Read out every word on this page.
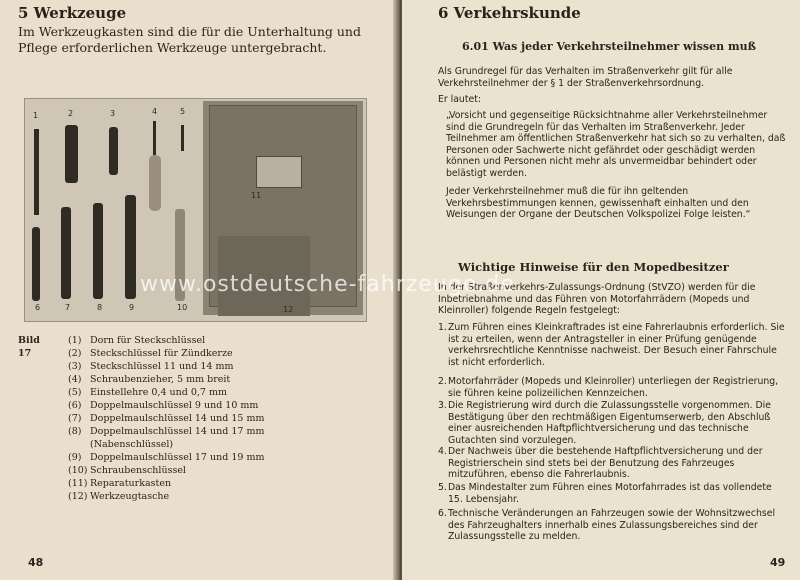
5 Werkzeuge
Im Werkzeugkasten sind die für die Unterhaltung und Pflege erforderlichen Werkzeuge untergebracht.
1	2	3	4	5
6	7	8	9	10
11
12
Bild 17
(1) Dorn für Steckschlüssel
(2) Steckschlüssel für Zündkerze
(3) Steckschlüssel 11 und 14 mm
(4) Schraubenzieher, 5 mm breit
(5) Einstellehre 0,4 und 0,7 mm
(6) Doppelmaulschlüssel 9 und 10 mm
(7) Doppelmaulschlüssel 14 und 15 mm
(8) Doppelmaulschlüssel 14 und 17 mm
(Nabenschlüssel)
(9) Doppelmaulschlüssel 17 und 19 mm
(10) Schraubenschlüssel
(11) Reparaturkasten
(12) Werkzeugtasche
48
6 Verkehrskunde
6.01 Was jeder Verkehrsteilnehmer wissen muß
Als Grundregel für das Verhalten im Straßenverkehr gilt für alle Verkehrsteilnehmer der § 1 der Straßenverkehrsordnung.
Er lautet:
„Vorsicht und gegenseitige Rücksichtnahme aller Verkehrsteilnehmer sind die Grundregeln für das Verhalten im Straßenverkehr. Jeder Teilnehmer am öffentlichen Straßenverkehr hat sich so zu verhalten, daß Personen oder Sachwerte nicht gefährdet oder geschädigt werden können und Personen nicht mehr als unvermeidbar behindert oder belästigt werden.
Jeder Verkehrsteilnehmer muß die für ihn geltenden Verkehrsbestimmungen kennen, gewissenhaft einhalten und den Weisungen der Organe der Deutschen Volkspolizei Folge leisten.“
Wichtige Hinweise für den Mopedbesitzer
In der Straßenverkehrs-Zulassungs-Ordnung (StVZO) werden für die Inbetriebnahme und das Führen von Motorfahrrädern (Mopeds und Kleinroller) folgende Regeln festgelegt:
1. Zum Führen eines Kleinkraftrades ist eine Fahrerlaubnis erforderlich. Sie ist zu erteilen, wenn der Antragsteller in einer Prüfung genügende verkehrsrechtliche Kenntnisse nachweist. Der Besuch einer Fahrschule ist nicht erforderlich.
2. Motorfahrräder (Mopeds und Kleinroller) unterliegen der Registrierung, sie führen keine polizeilichen Kennzeichen.
3. Die Registrierung wird durch die Zulassungsstelle vorgenommen. Die Bestätigung über den rechtmäßigen Eigentumserwerb, den Abschluß einer ausreichenden Haftpflichtversicherung und das technische Gutachten sind vorzulegen.
4. Der Nachweis über die bestehende Haftpflichtversicherung und der Registrierschein sind stets bei der Benutzung des Fahrzeuges mitzuführen, ebenso die Fahrerlaubnis.
5. Das Mindestalter zum Führen eines Motorfahrrades ist das vollendete 15. Lebensjahr.
6. Technische Veränderungen an Fahrzeugen sowie der Wohnsitzwechsel des Fahrzeughalters innerhalb eines Zulassungsbereiches sind der Zulassungsstelle zu melden.
49
www.ostdeutsche-fahrzeuge.de
